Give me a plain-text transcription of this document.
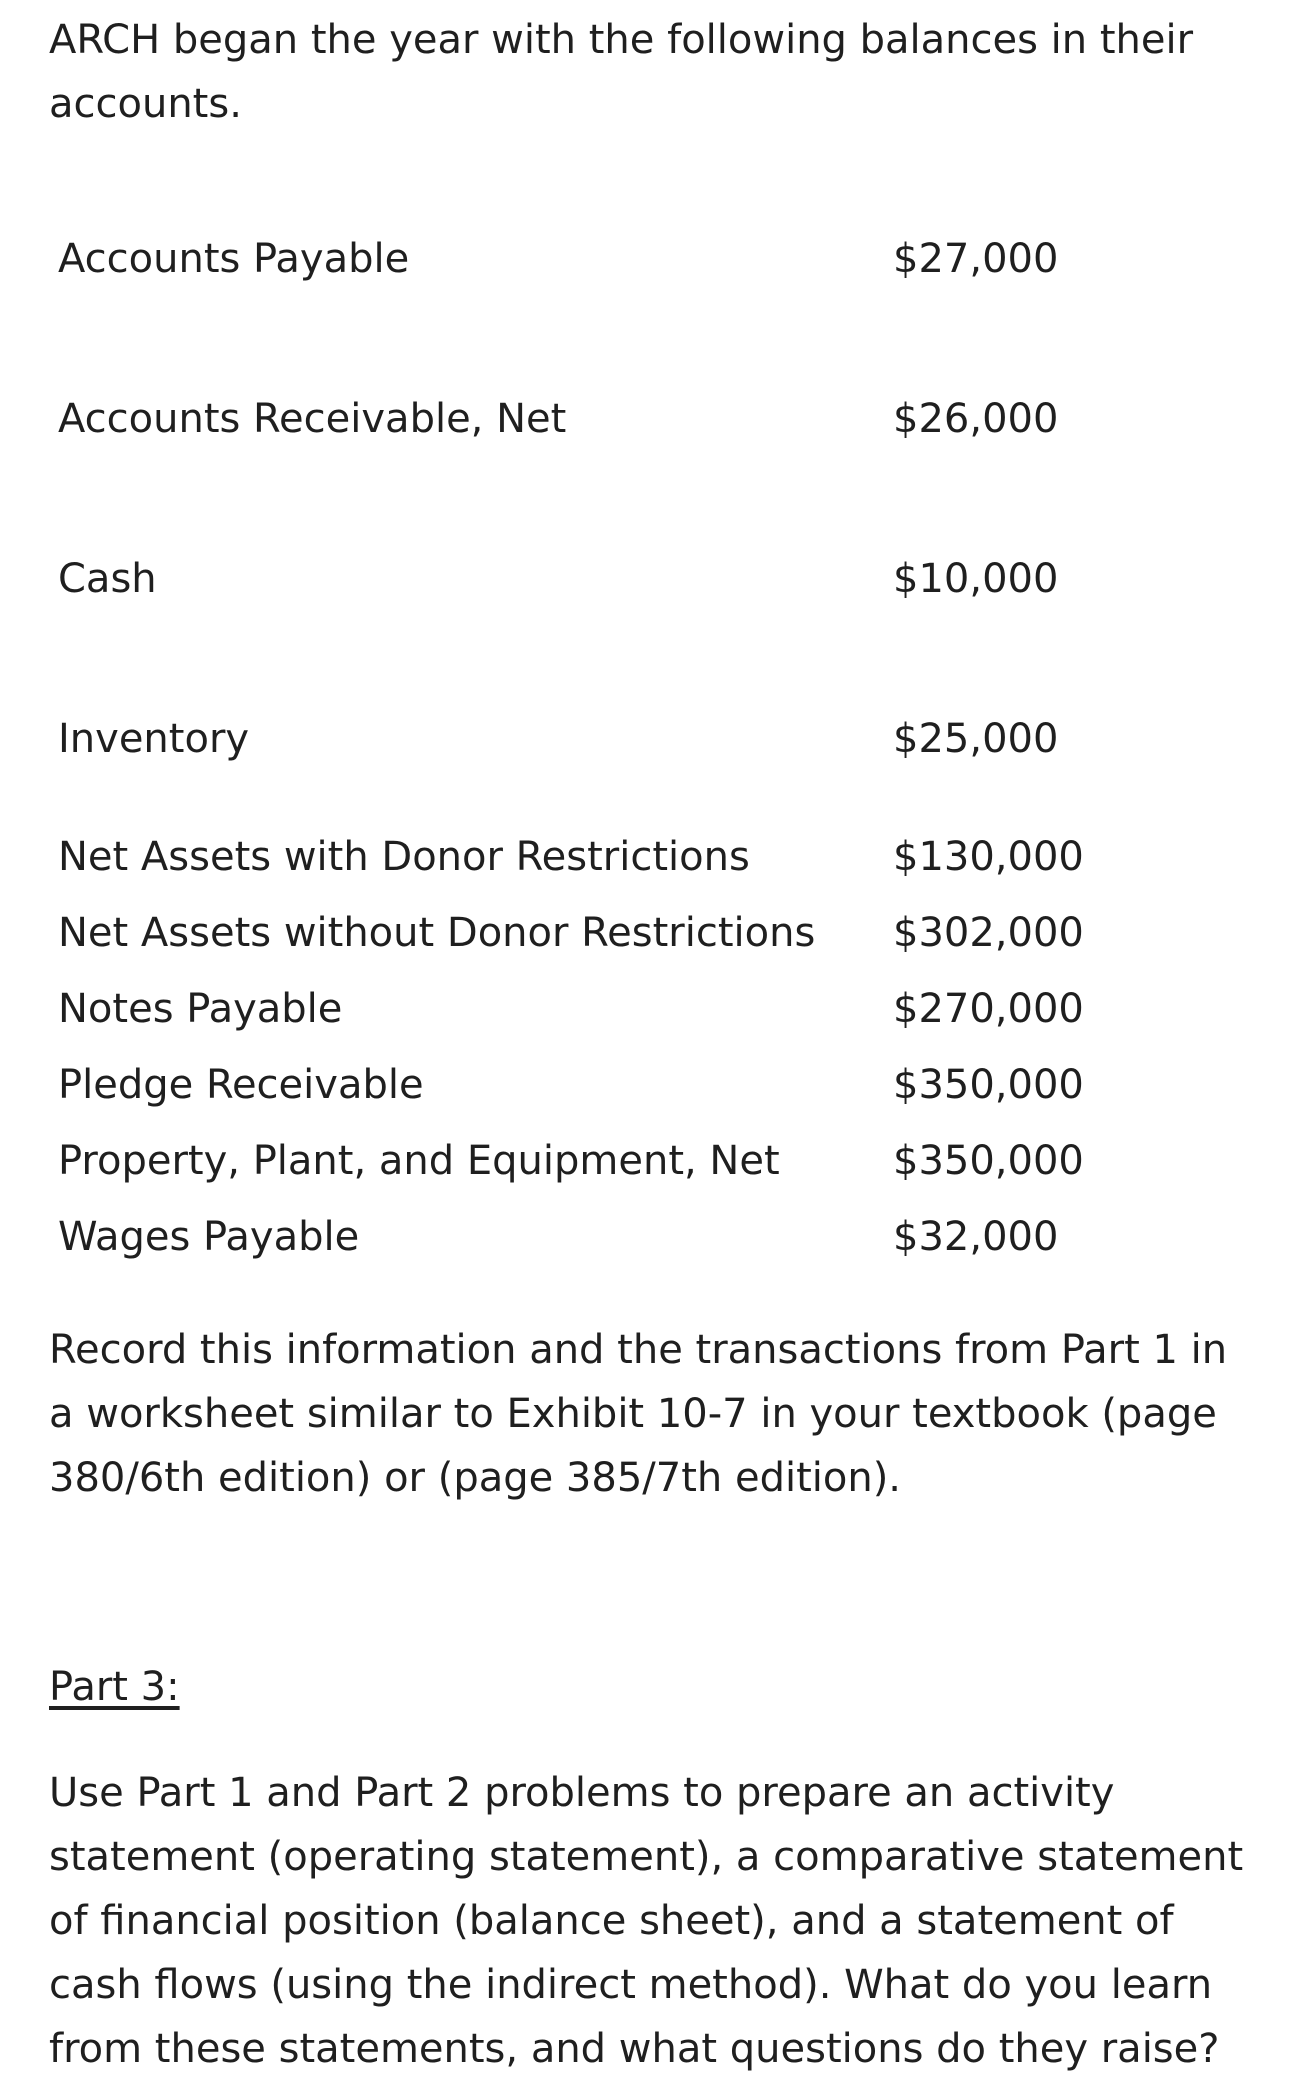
ARCH began the year with the following balances in their accounts.

Accounts Payable	$27,000
Accounts Receivable, Net	$26,000
Cash	$10,000
Inventory	$25,000
Net Assets with Donor Restrictions	$130,000
Net Assets without Donor Restrictions $302,000
Notes Payable	$270,000
Pledge Receivable	$350,000
Property, Plant, and Equipment, Net	$350,000
Wages Payable	$32,000

Record this information and the transactions from Part 1 in a worksheet similar to Exhibit 10-7 in your textbook (page 380/6th edition) or (page 385/7th edition).

Part 3:

Use Part 1 and Part 2 problems to prepare an activity statement (operating statement), a comparative statement of financial position (balance sheet), and a statement of cash flows (using the indirect method). What do you learn from these statements, and what questions do they raise?
